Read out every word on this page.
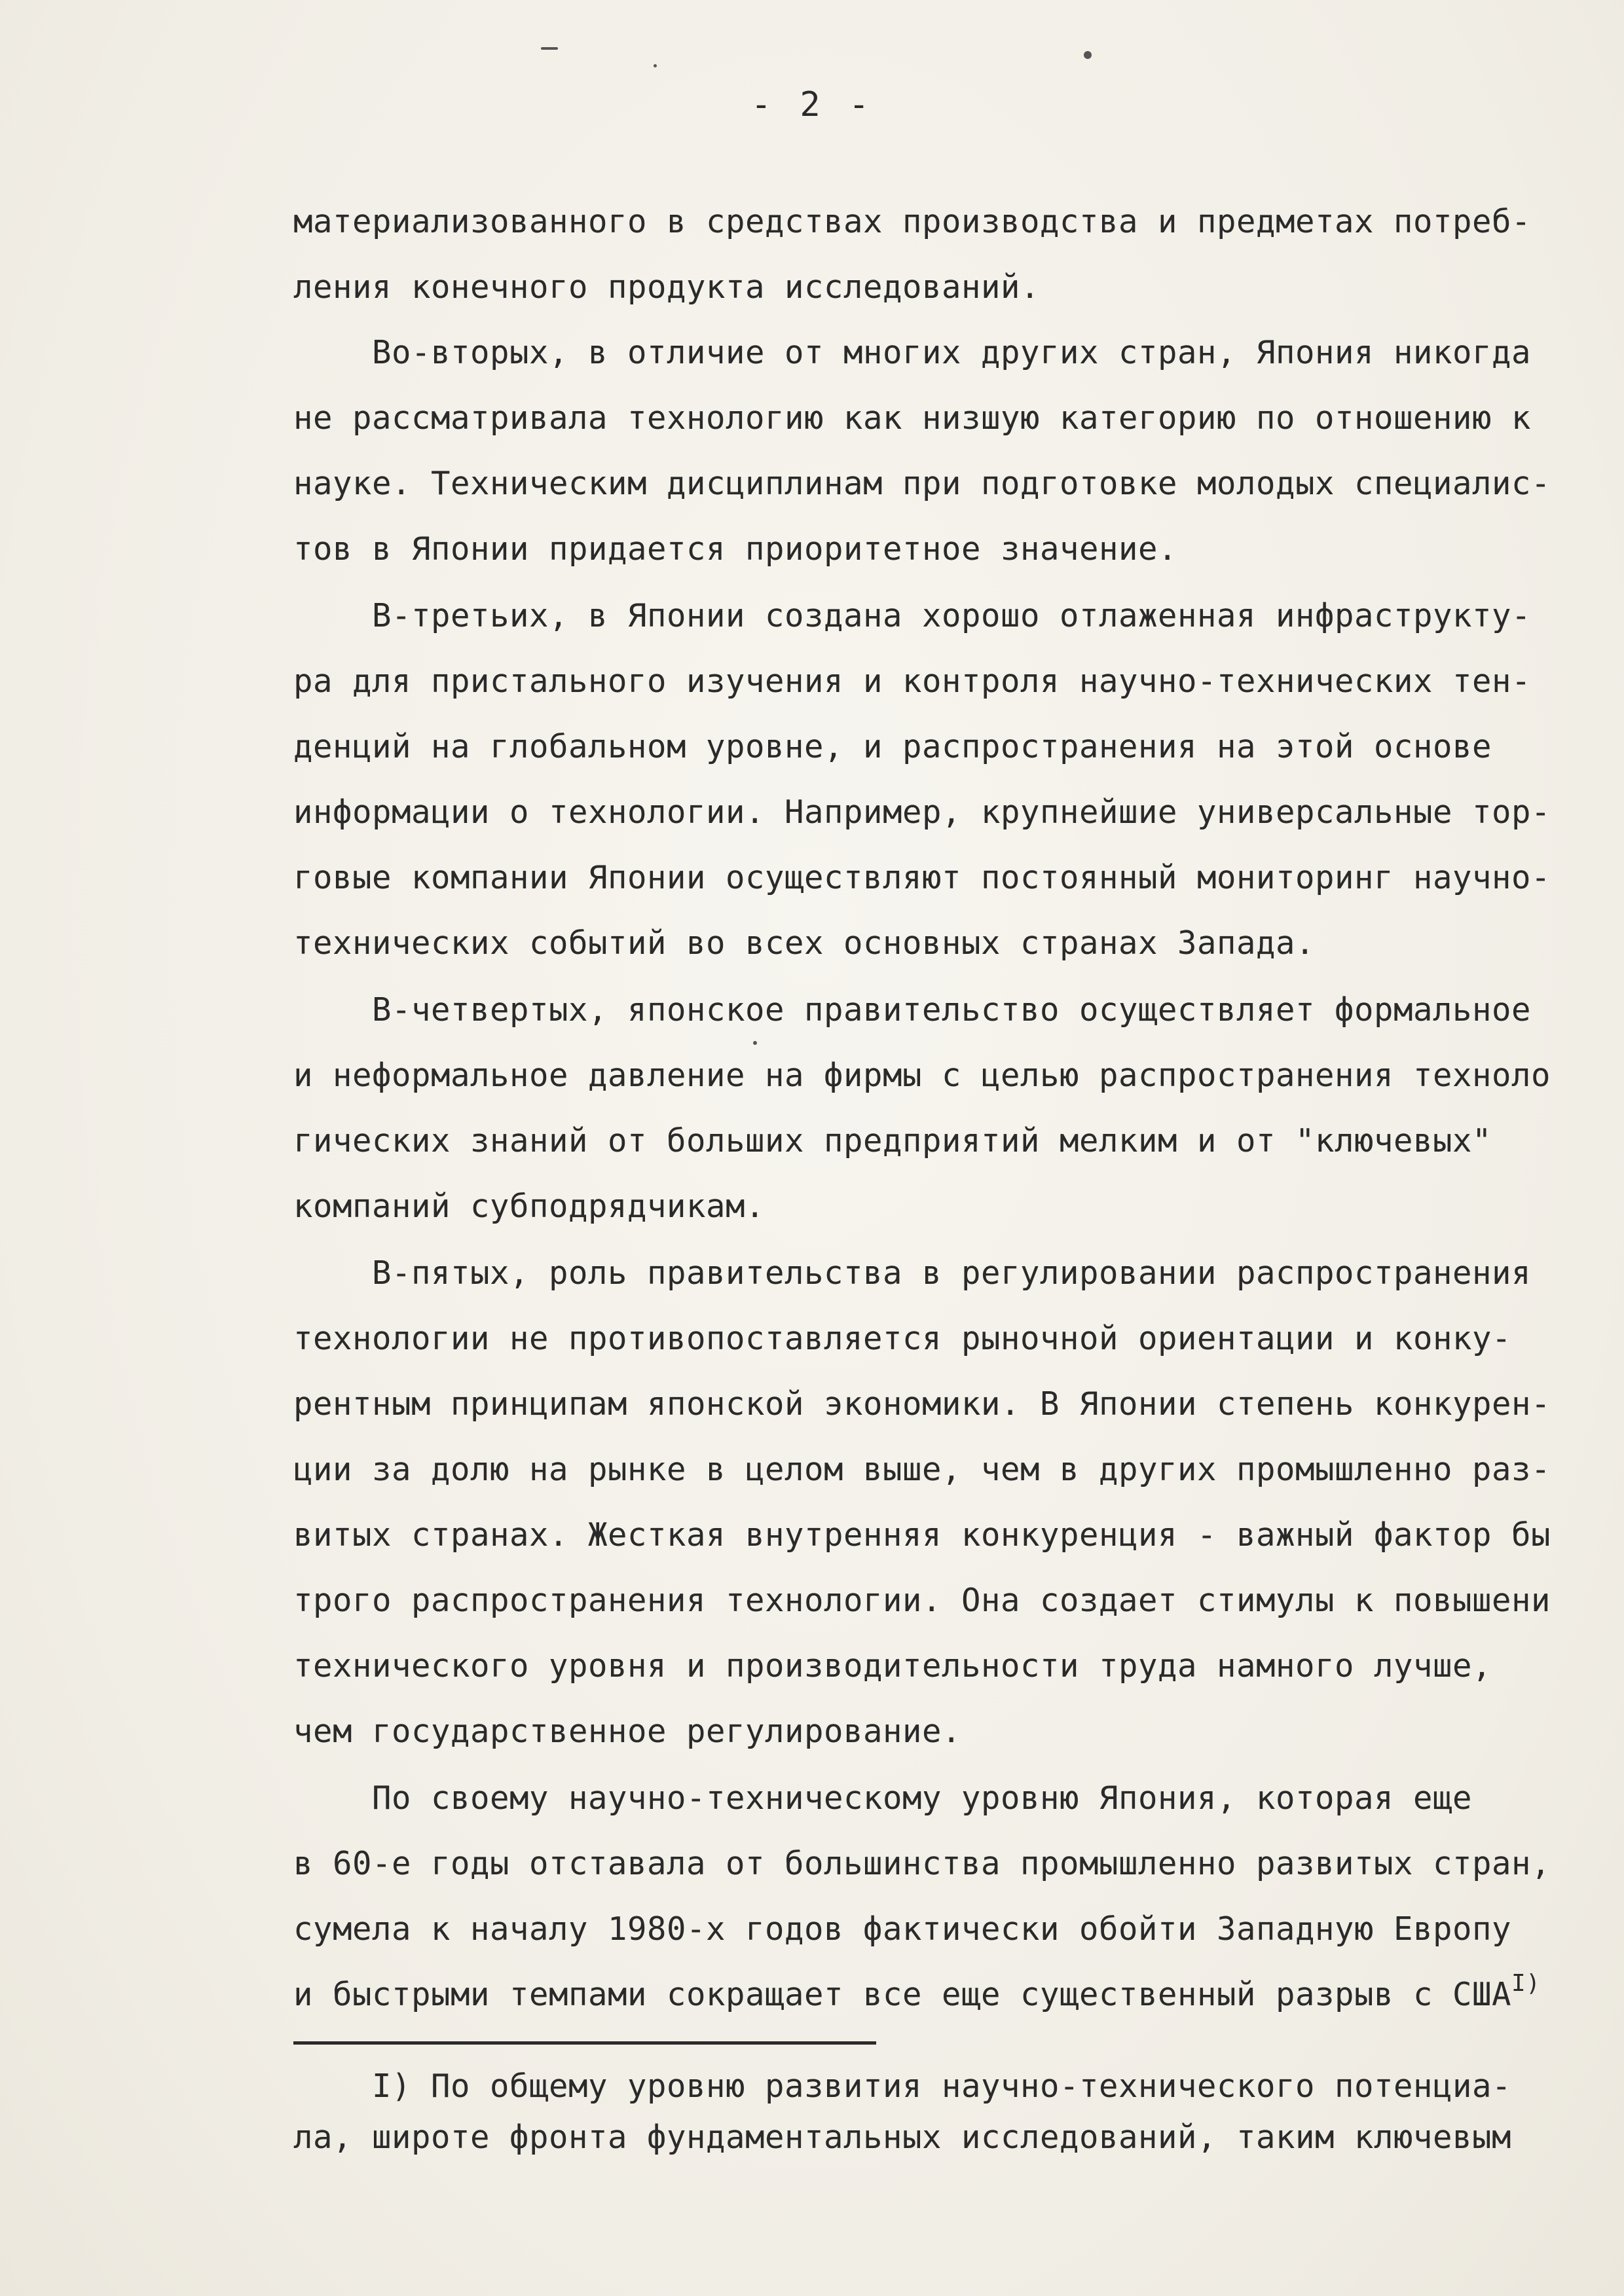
- 2 -
материализованного в средствах производства и предметах потреб-
ления конечного продукта исследований.
Во-вторых, в отличие от многих других стран, Япония никогда
не рассматривала технологию как низшую категорию по отношению к
науке. Техническим дисциплинам при подготовке молодых специалис-
тов в Японии придается приоритетное значение.
В-третьих, в Японии создана хорошо отлаженная инфраструкту-
ра для пристального изучения и контроля научно-технических тен-
денций на глобальном уровне, и распространения на этой основе
информации о технологии. Например, крупнейшие универсальные тор-
говые компании Японии осуществляют постоянный мониторинг научно-
технических событий во всех основных странах Запада.
В-четвертых, японское правительство осуществляет формальное
и неформальное давление на фирмы с целью распространения техноло
гических знаний от больших предприятий мелким и от "ключевых"
компаний субподрядчикам.
В-пятых, роль правительства в регулировании распространения
технологии не противопоставляется рыночной ориентации и конку-
рентным принципам японской экономики. В Японии степень конкурен-
ции за долю на рынке в целом выше, чем в других промышленно раз-
витых странах. Жесткая внутренняя конкуренция - важный фактор бы
трого распространения технологии. Она создает стимулы к повышени
технического уровня и производительности труда намного лучше,
чем государственное регулирование.
По своему научно-техническому уровню Япония, которая еще
в 60-е годы отставала от большинства промышленно развитых стран,
сумела к началу 1980-х годов фактически обойти Западную Европу
и быстрыми темпами сокращает все еще существенный разрыв с $США^{I)}$
I) По общему уровню развития научно-технического потенциа-
ла, широте фронта фундаментальных исследований, таким ключевым
